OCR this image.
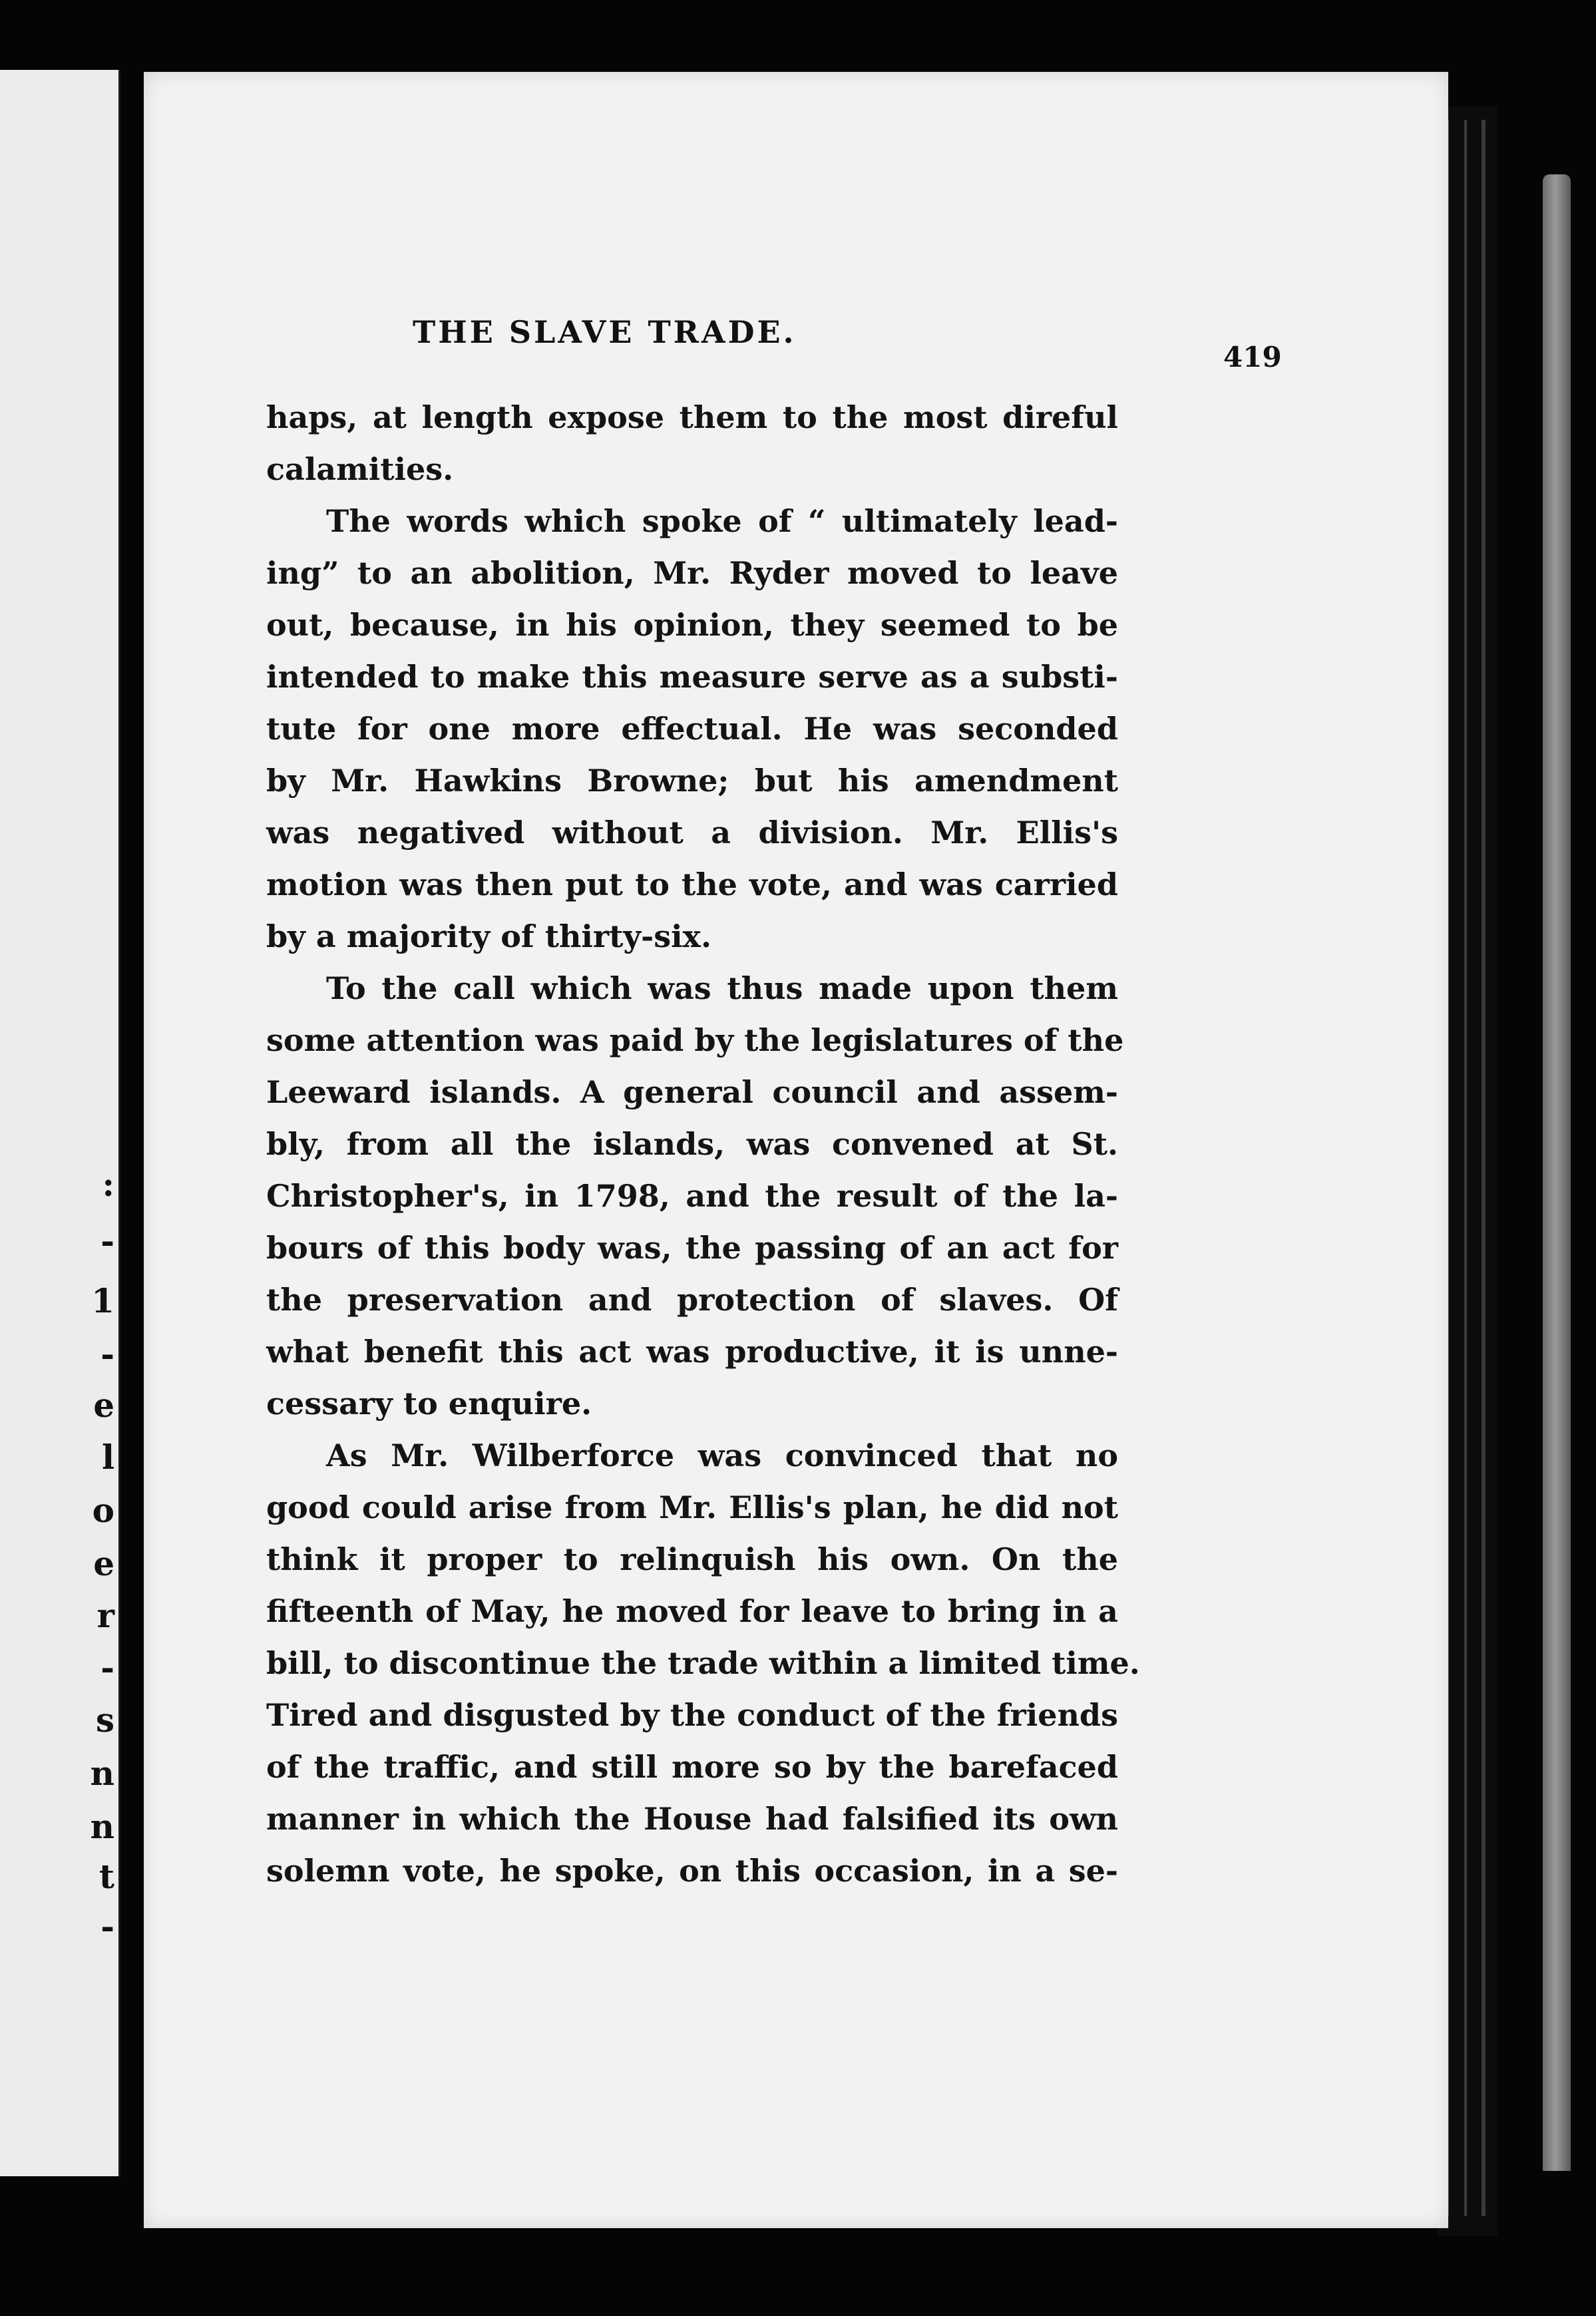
:
-
1
-
e
l
o
e
r
-
s
n
n
t
-
THE SLAVE TRADE.
419
haps, at length expose them to the most direful
calamities.
The words which spoke of “ ultimately lead-
ing” to an abolition, Mr. Ryder moved to leave
out, because, in his opinion, they seemed to be
intended to make this measure serve as a substi-
tute for one more effectual. He was seconded
by Mr. Hawkins Browne; but his amendment
was negatived without a division. Mr. Ellis's
motion was then put to the vote, and was carried
by a majority of thirty-six.
To the call which was thus made upon them
some attention was paid by the legislatures of the
Leeward islands. A general council and assem-
bly, from all the islands, was convened at St.
Christopher's, in 1798, and the result of the la-
bours of this body was, the passing of an act for
the preservation and protection of slaves. Of
what benefit this act was productive, it is unne-
cessary to enquire.
As Mr. Wilberforce was convinced that no
good could arise from Mr. Ellis's plan, he did not
think it proper to relinquish his own. On the
fifteenth of May, he moved for leave to bring in a
bill, to discontinue the trade within a limited time.
Tired and disgusted by the conduct of the friends
of the traffic, and still more so by the barefaced
manner in which the House had falsified its own
solemn vote, he spoke, on this occasion, in a se-
